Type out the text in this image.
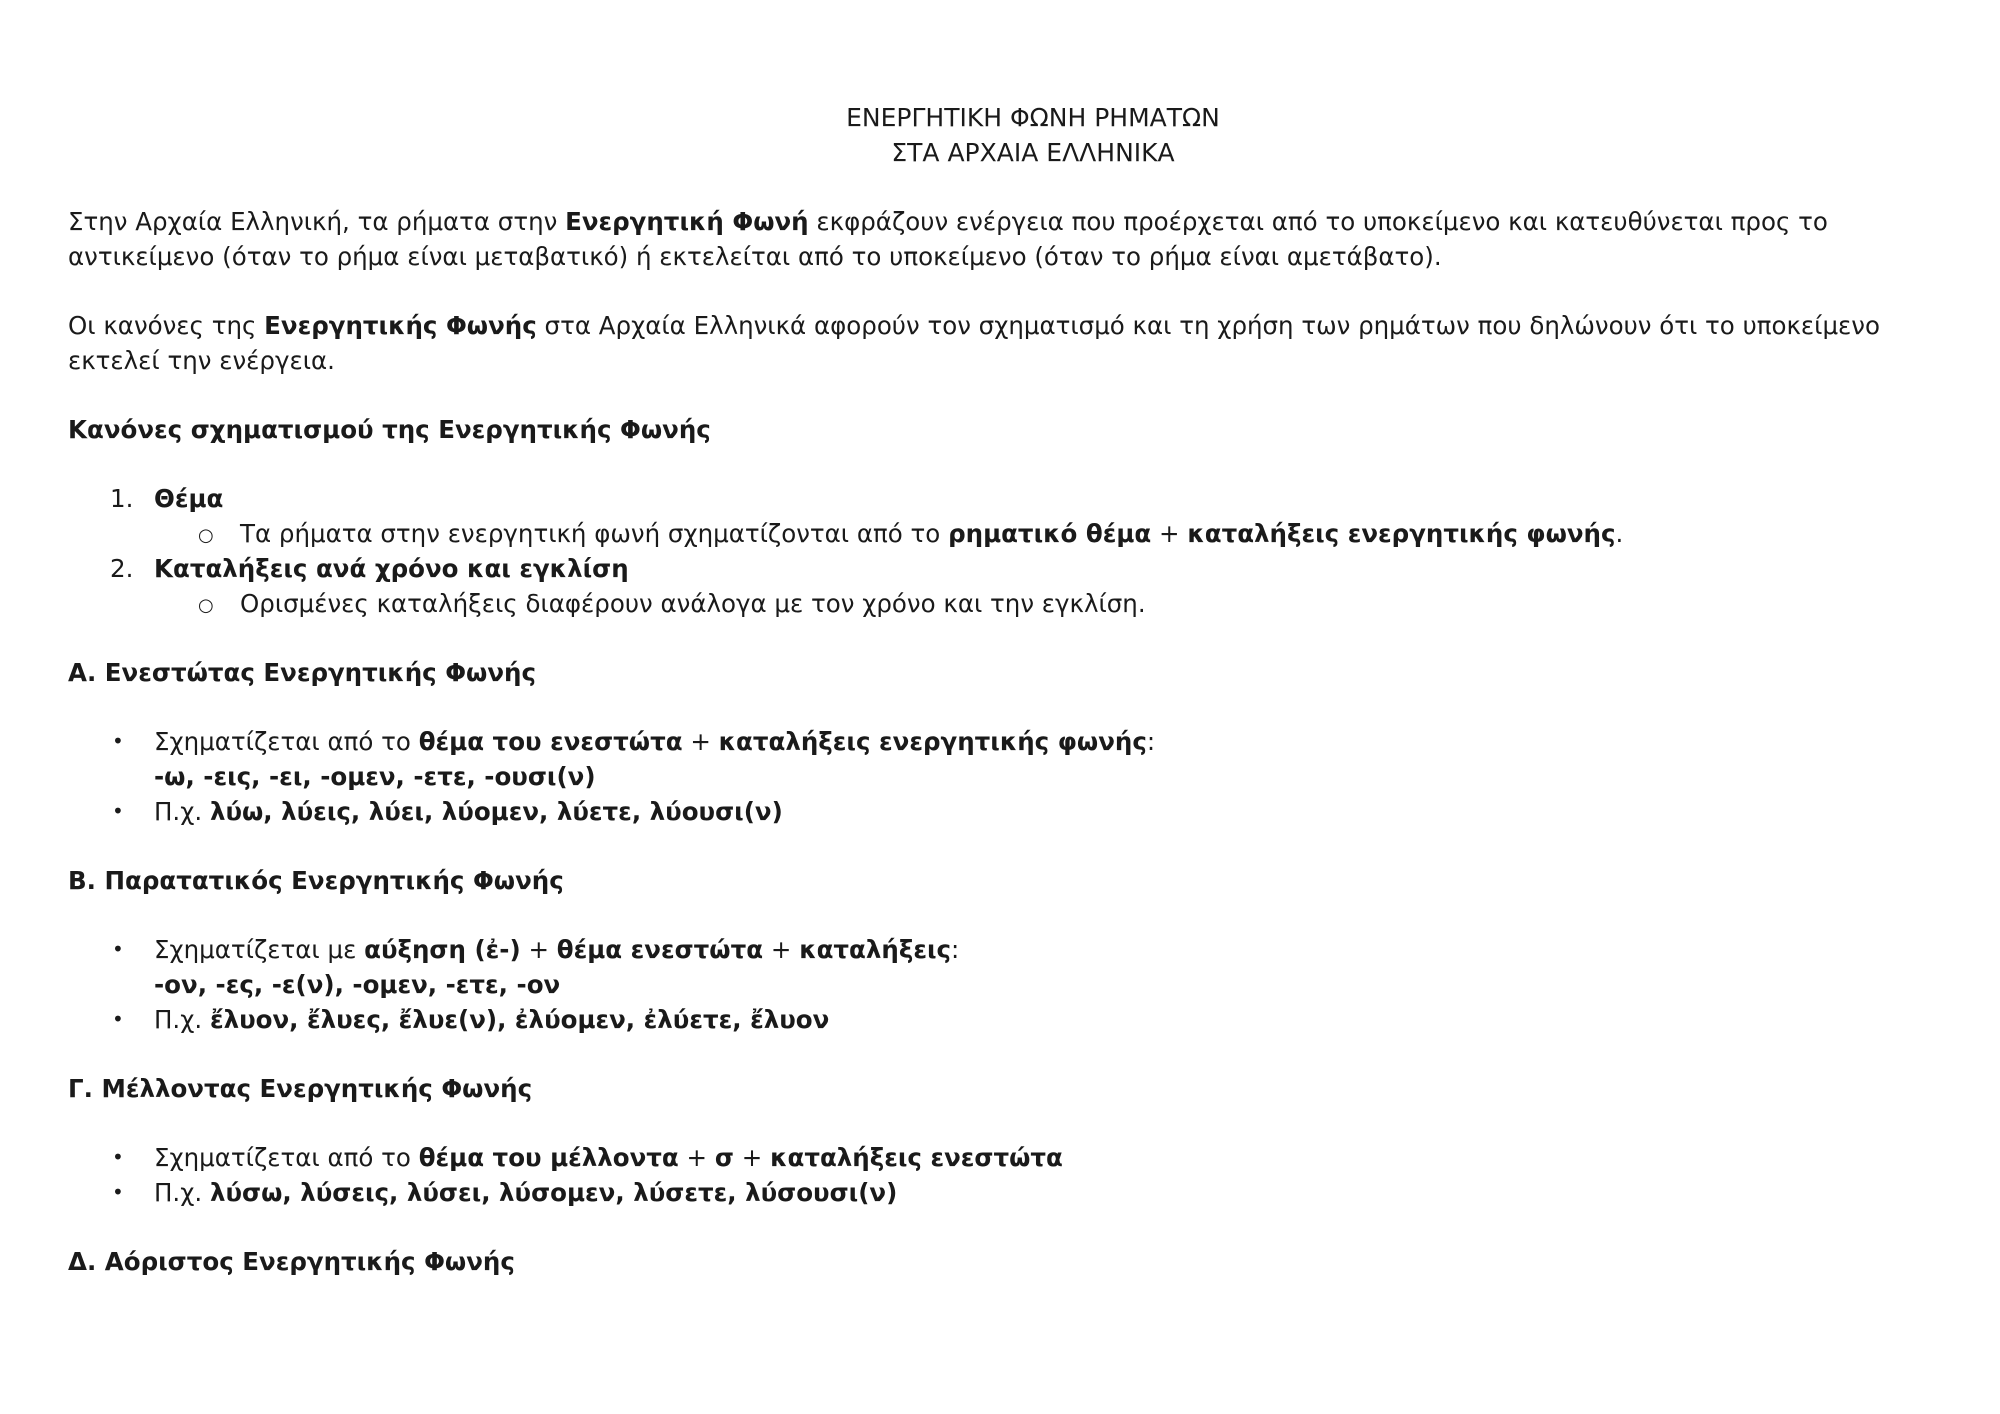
ΕΝΕΡΓΗΤΙΚΗ ΦΩΝΗ ΡΗΜΑΤΩΝ
ΣΤΑ ΑΡΧΑΙΑ ΕΛΛΗΝΙΚΑ

Στην Αρχαία Ελληνική, τα ρήματα στην Ενεργητική Φωνή εκφράζουν ενέργεια που προέρχεται από το υποκείμενο και κατευθύνεται προς το αντικείμενο (όταν το ρήμα είναι μεταβατικό) ή εκτελείται από το υποκείμενο (όταν το ρήμα είναι αμετάβατο).

Οι κανόνες της Ενεργητικής Φωνής στα Αρχαία Ελληνικά αφορούν τον σχηματισμό και τη χρήση των ρημάτων που δηλώνουν ότι το υποκείμενο εκτελεί την ενέργεια.

Κανόνες σχηματισμού της Ενεργητικής Φωνής

1. Θέμα
○ Τα ρήματα στην ενεργητική φωνή σχηματίζονται από το ρηματικό θέμα + καταλήξεις ενεργητικής φωνής.
2. Καταλήξεις ανά χρόνο και εγκλίση
○ Ορισμένες καταλήξεις διαφέρουν ανάλογα με τον χρόνο και την εγκλίση.

Α. Ενεστώτας Ενεργητικής Φωνής

• Σχηματίζεται από το θέμα του ενεστώτα + καταλήξεις ενεργητικής φωνής:
-ω, -εις, -ει, -ομεν, -ετε, -ουσι(ν)
• Π.χ. λύω, λύεις, λύει, λύομεν, λύετε, λύουσι(ν)

Β. Παρατατικός Ενεργητικής Φωνής

• Σχηματίζεται με αύξηση (ἐ-) + θέμα ενεστώτα + καταλήξεις:
-ον, -ες, -ε(ν), -ομεν, -ετε, -ον
• Π.χ. ἔλυον, ἔλυες, ἔλυε(ν), ἐλύομεν, ἐλύετε, ἔλυον

Γ. Μέλλοντας Ενεργητικής Φωνής

• Σχηματίζεται από το θέμα του μέλλοντα + σ + καταλήξεις ενεστώτα
• Π.χ. λύσω, λύσεις, λύσει, λύσομεν, λύσετε, λύσουσι(ν)

Δ. Αόριστος Ενεργητικής Φωνής
